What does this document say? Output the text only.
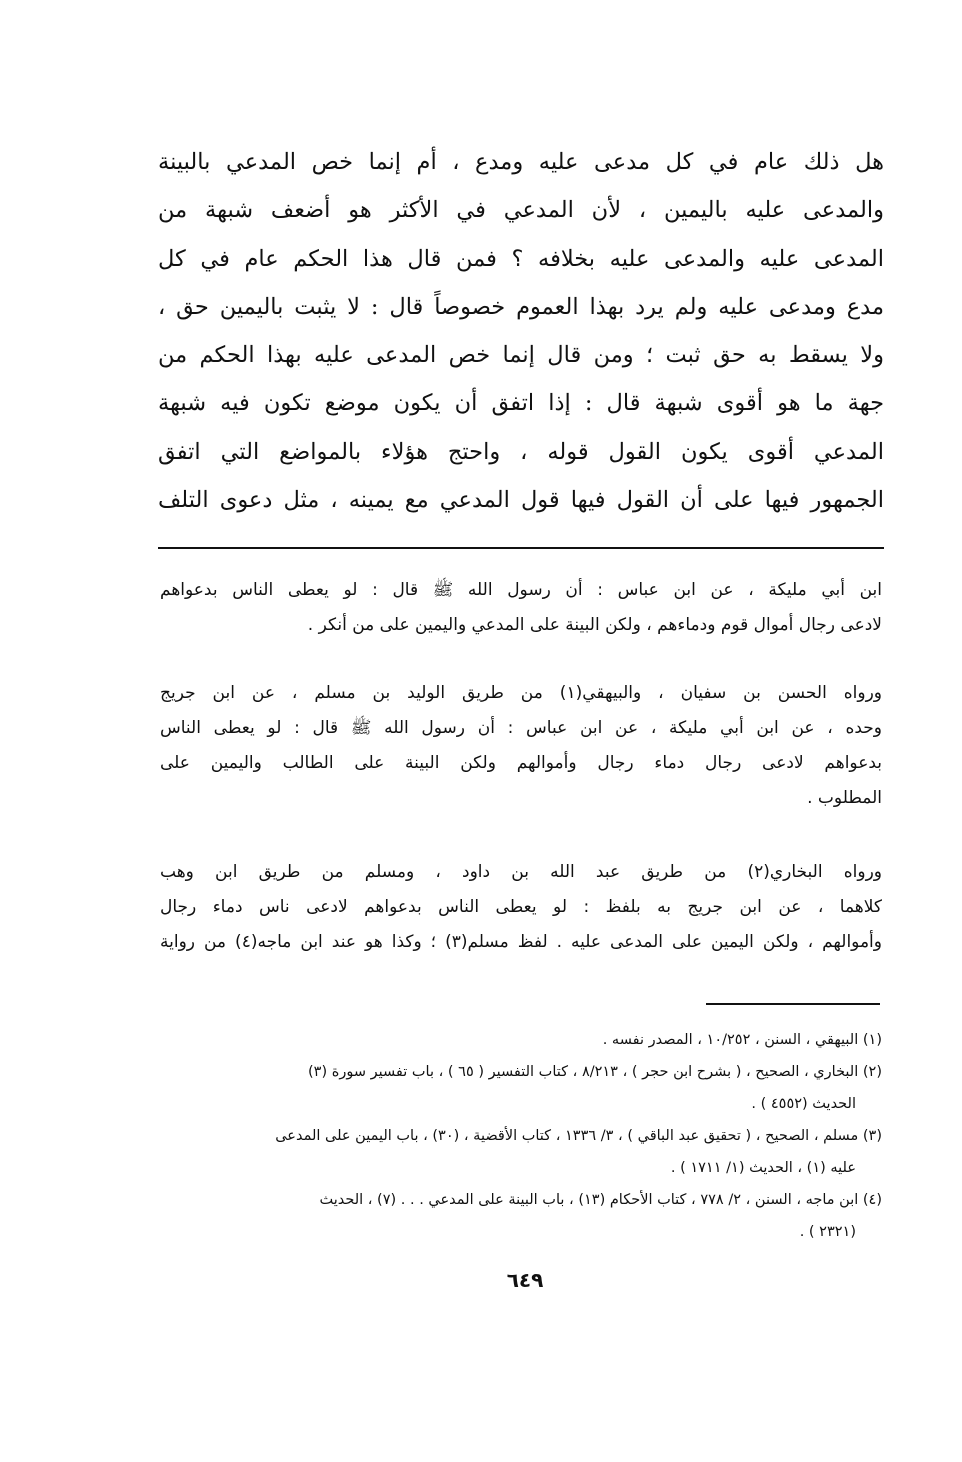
هل ذلك عام في كل مدعى عليه ومدع ، أم إنما خص المدعي بالبينة
والمدعى عليه باليمين ، لأن المدعي في الأكثر هو أضعف شبهة من
المدعى عليه والمدعى عليه بخلافه ؟ فمن قال هذا الحكم عام في كل
مدع ومدعى عليه ولم يرد بهذا العموم خصوصاً قال : لا يثبت باليمين حق ،
ولا يسقط به حق ثبت ؛ ومن قال إنما خص المدعى عليه بهذا الحكم من
جهة ما هو أقوى شبهة قال : إذا اتفق أن يكون موضع تكون فيه شبهة
المدعي أقوى يكون القول قوله ، واحتج هؤلاء بالمواضع التي اتفق
الجمهور فيها على أن القول فيها قول المدعي مع يمينه ، مثل دعوى التلف
ابن أبي مليكة ، عن ابن عباس : أن رسول الله ﷺ قال : لو يعطى الناس بدعواهم
لادعى رجال أموال قوم ودماءهم ، ولكن البينة على المدعي واليمين على من أنكر .
ورواه الحسن بن سفيان ، والبيهقي(١) من طريق الوليد بن مسلم ، عن ابن جريج
وحده ، عن ابن أبي مليكة ، عن ابن عباس : أن رسول الله ﷺ قال : لو يعطى الناس
بدعواهم لادعى رجال دماء رجال وأموالهم ولكن البينة على الطالب واليمين على
المطلوب .
ورواه البخاري(٢) من طريق عبد الله بن داود ، ومسلم من طريق ابن وهب
كلاهما ، عن ابن جريج به بلفظ : لو يعطى الناس بدعواهم لادعى ناس دماء رجال
وأموالهم ، ولكن اليمين على المدعى عليه . لفظ مسلم(٣) ؛ وكذا هو عند ابن ماجه(٤) من رواية
(١) البيهقي ، السنن ، ١٠/٢٥٢ ، المصدر نفسه .
(٢) البخاري ، الصحيح ، ( بشرح ابن حجر ) ، ٨/٢١٣ ، كتاب التفسير ( ٦٥ ) ، باب تفسير سورة (٣)
الحديث (٤٥٥٢ ) .
(٣) مسلم ، الصحيح ، ( تحقيق عبد الباقي ) ، ٣/ ١٣٣٦ ، كتاب الأقضية ، (٣٠) ، باب اليمين على المدعى
عليه (١) ، الحديث (١/ ١٧١١ ) .
(٤) ابن ماجه ، السنن ، ٢/ ٧٧٨ ، كتاب الأحكام (١٣) ، باب البينة على المدعي . . . (٧) ، الحديث
(٢٣٢١ ) .
٦٤٩
